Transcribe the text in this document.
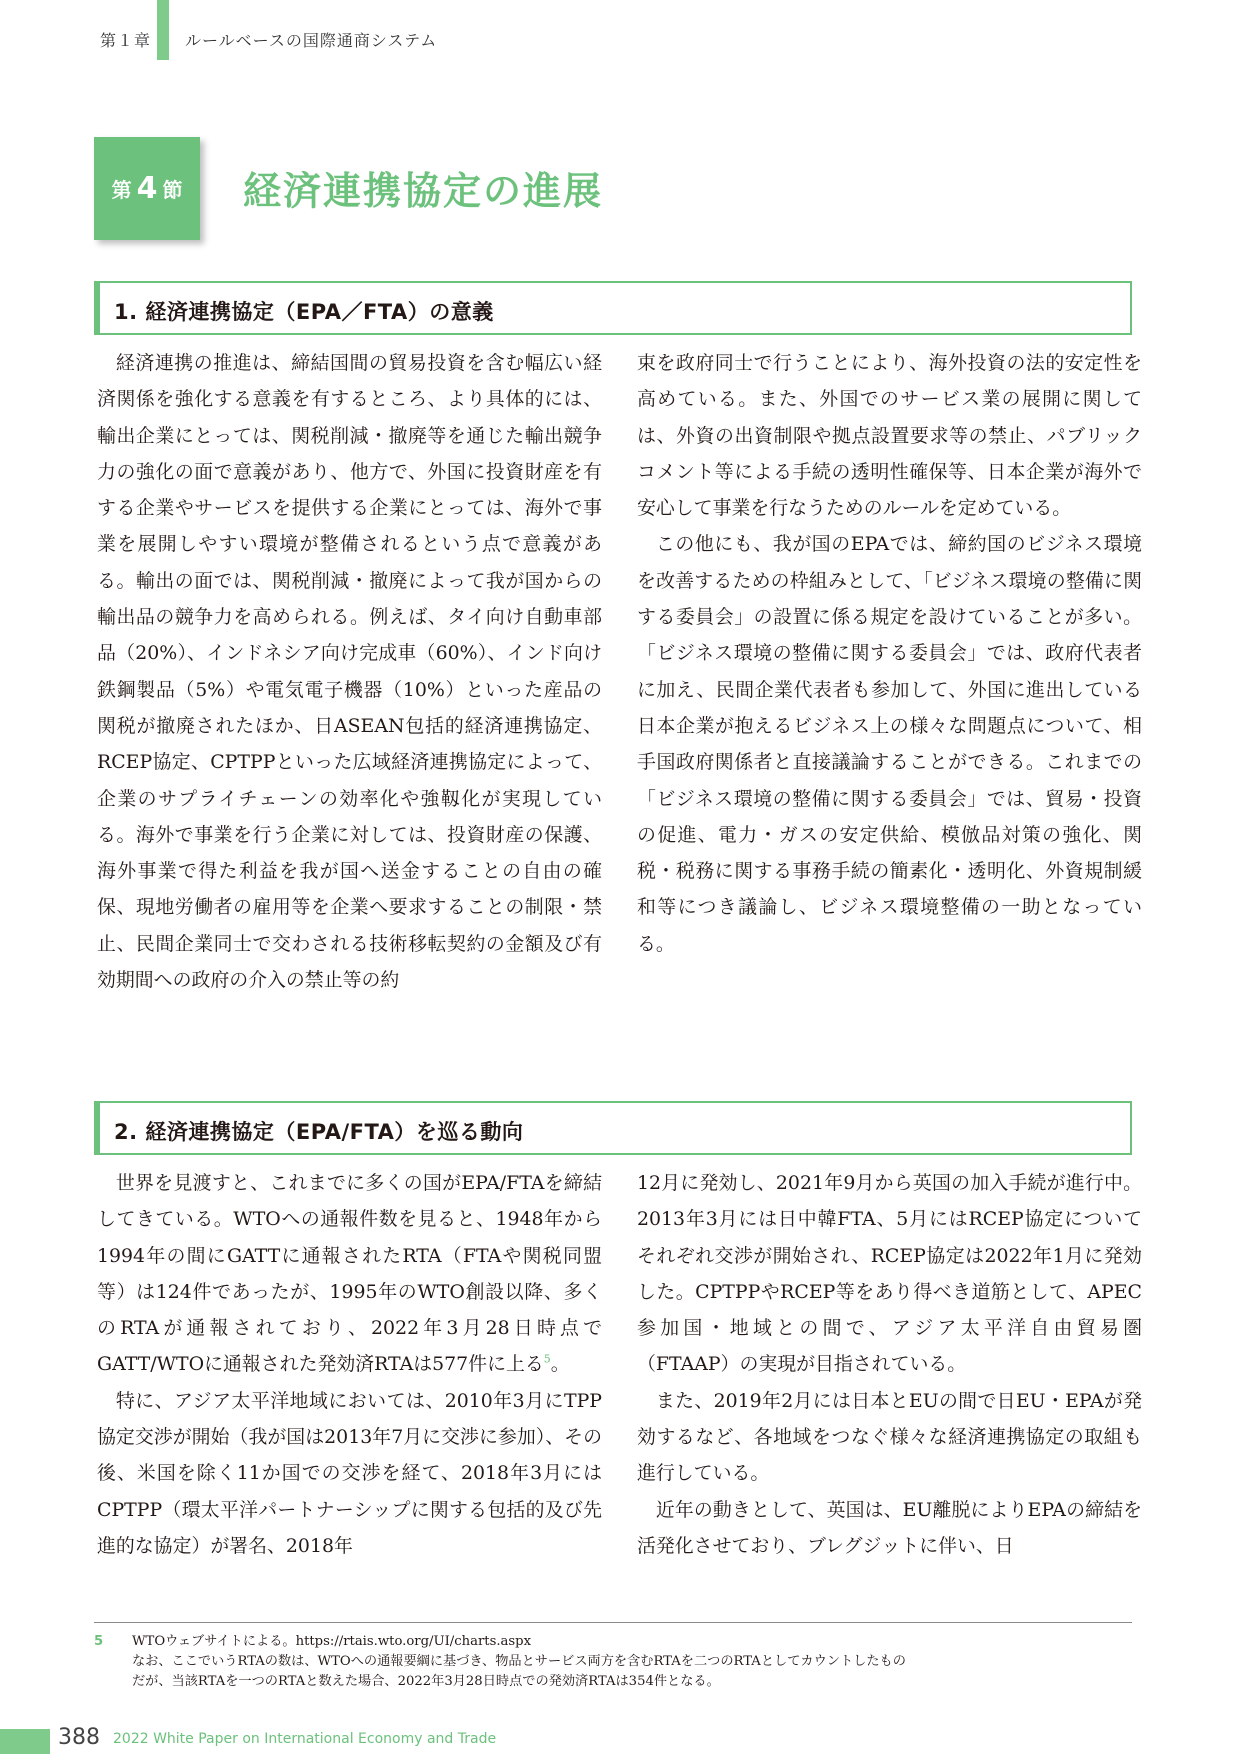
第１章 ルールベースの国際通商システム
第 4 節 経済連携協定の進展
1. 経済連携協定（EPA／FTA）の意義

経済連携の推進は、締結国間の貿易投資を含む幅広い経済関係を強化する意義を有するところ、より具体的には、輸出企業にとっては、関税削減・撤廃等を通じた輸出競争力の強化の面で意義があり、他方で、外国に投資財産を有する企業やサービスを提供する企業にとっては、海外で事業を展開しやすい環境が整備されるという点で意義がある。輸出の面では、関税削減・撤廃によって我が国からの輸出品の競争力を高められる。例えば、タイ向け自動車部品（20%）、インドネシア向け完成車（60%）、インド向け鉄鋼製品（5%）や電気電子機器（10%）といった産品の関税が撤廃されたほか、日ASEAN包括的経済連携協定、RCEP協定、CPTPPといった広域経済連携協定によって、企業のサプライチェーンの効率化や強靱化が実現している。海外で事業を行う企業に対しては、投資財産の保護、海外事業で得た利益を我が国へ送金することの自由の確保、現地労働者の雇用等を企業へ要求することの制限・禁止、民間企業同士で交わされる技術移転契約の金額及び有効期間への政府の介入の禁止等の約

束を政府同士で行うことにより、海外投資の法的安定性を高めている。また、外国でのサービス業の展開に関しては、外資の出資制限や拠点設置要求等の禁止、パブリックコメント等による手続の透明性確保等、日本企業が海外で安心して事業を行なうためのルールを定めている。

この他にも、我が国のEPAでは、締約国のビジネス環境を改善するための枠組みとして、「ビジネス環境の整備に関する委員会」の設置に係る規定を設けていることが多い。「ビジネス環境の整備に関する委員会」では、政府代表者に加え、民間企業代表者も参加して、外国に進出している日本企業が抱えるビジネス上の様々な問題点について、相手国政府関係者と直接議論することができる。これまでの「ビジネス環境の整備に関する委員会」では、貿易・投資の促進、電力・ガスの安定供給、模倣品対策の強化、関税・税務に関する事務手続の簡素化・透明化、外資規制緩和等につき議論し、ビジネス環境整備の一助となっている。

2. 経済連携協定（EPA/FTA）を巡る動向

世界を見渡すと、これまでに多くの国がEPA/FTAを締結してきている。WTOへの通報件数を見ると、1948年から1994年の間にGATTに通報されたRTA（FTAや関税同盟等）は124件であったが、1995年のWTO創設以降、多くのRTAが通報されており、2022年3月28日時点でGATT/WTOに通報された発効済RTAは577件に上る$^5$。

特に、アジア太平洋地域においては、2010年3月にTPP協定交渉が開始（我が国は2013年7月に交渉に参加）、その後、米国を除く11か国での交渉を経て、2018年3月にはCPTPP（環太平洋パートナーシップに関する包括的及び先進的な協定）が署名、2018年

12月に発効し、2021年9月から英国の加入手続が進行中。2013年3月には日中韓FTA、5月にはRCEP協定についてそれぞれ交渉が開始され、RCEP協定は2022年1月に発効した。CPTPPやRCEP等をあり得べき道筋として、APEC参加国・地域との間で、アジア太平洋自由貿易圏（FTAAP）の実現が目指されている。

また、2019年2月には日本とEUの間で日EU・EPAが発効するなど、各地域をつなぐ様々な経済連携協定の取組も進行している。

近年の動きとして、英国は、EU離脱によりEPAの締結を活発化させており、ブレグジットに伴い、日

5 WTOウェブサイトによる。https://rtais.wto.org/UI/charts.aspx
なお、ここでいうRTAの数は、WTOへの通報要綱に基づき、物品とサービス両方を含むRTAを二つのRTAとしてカウントしたもの
だが、当該RTAを一つのRTAと数えた場合、2022年3月28日時点での発効済RTAは354件となる。
388 2022 White Paper on International Economy and Trade
